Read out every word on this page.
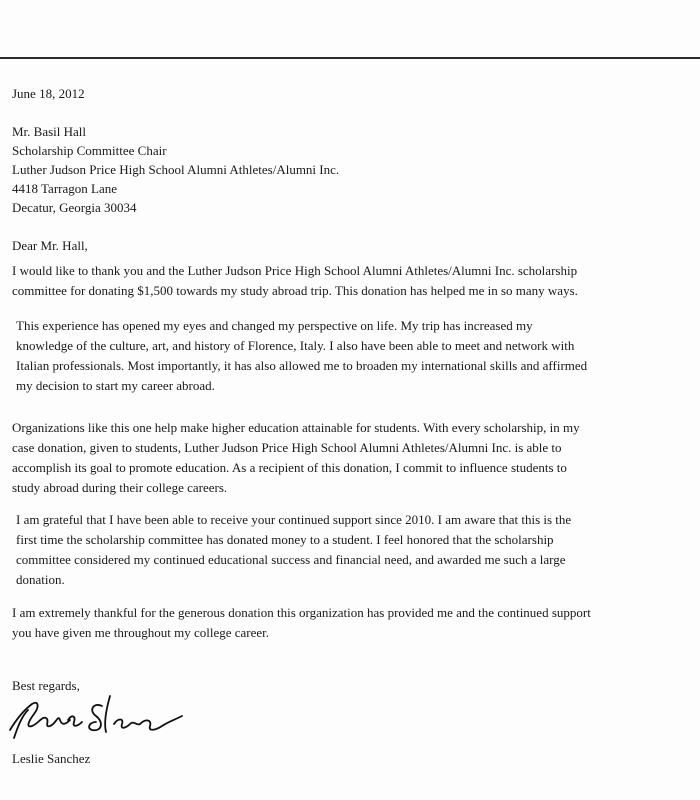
June 18, 2012
Mr. Basil Hall
Scholarship Committee Chair
Luther Judson Price High School Alumni Athletes/Alumni Inc.
4418 Tarragon Lane
Decatur, Georgia 30034
Dear Mr. Hall,
I would like to thank you and the Luther Judson Price High School Alumni Athletes/Alumni Inc. scholarship
committee for donating $1,500 towards my study abroad trip. This donation has helped me in so many ways.
This experience has opened my eyes and changed my perspective on life. My trip has increased my
knowledge of the culture, art, and history of Florence, Italy. I also have been able to meet and network with
Italian professionals. Most importantly, it has also allowed me to broaden my international skills and affirmed
my decision to start my career abroad.
Organizations like this one help make higher education attainable for students. With every scholarship, in my
case donation, given to students, Luther Judson Price High School Alumni Athletes/Alumni Inc. is able to
accomplish its goal to promote education. As a recipient of this donation, I commit to influence students to
study abroad during their college careers.
I am grateful that I have been able to receive your continued support since 2010. I am aware that this is the
first time the scholarship committee has donated money to a student. I feel honored that the scholarship
committee considered my continued educational success and financial need, and awarded me such a large
donation.
I am extremely thankful for the generous donation this organization has provided me and the continued support
you have given me throughout my college career.
Best regards,
Leslie Sanchez
